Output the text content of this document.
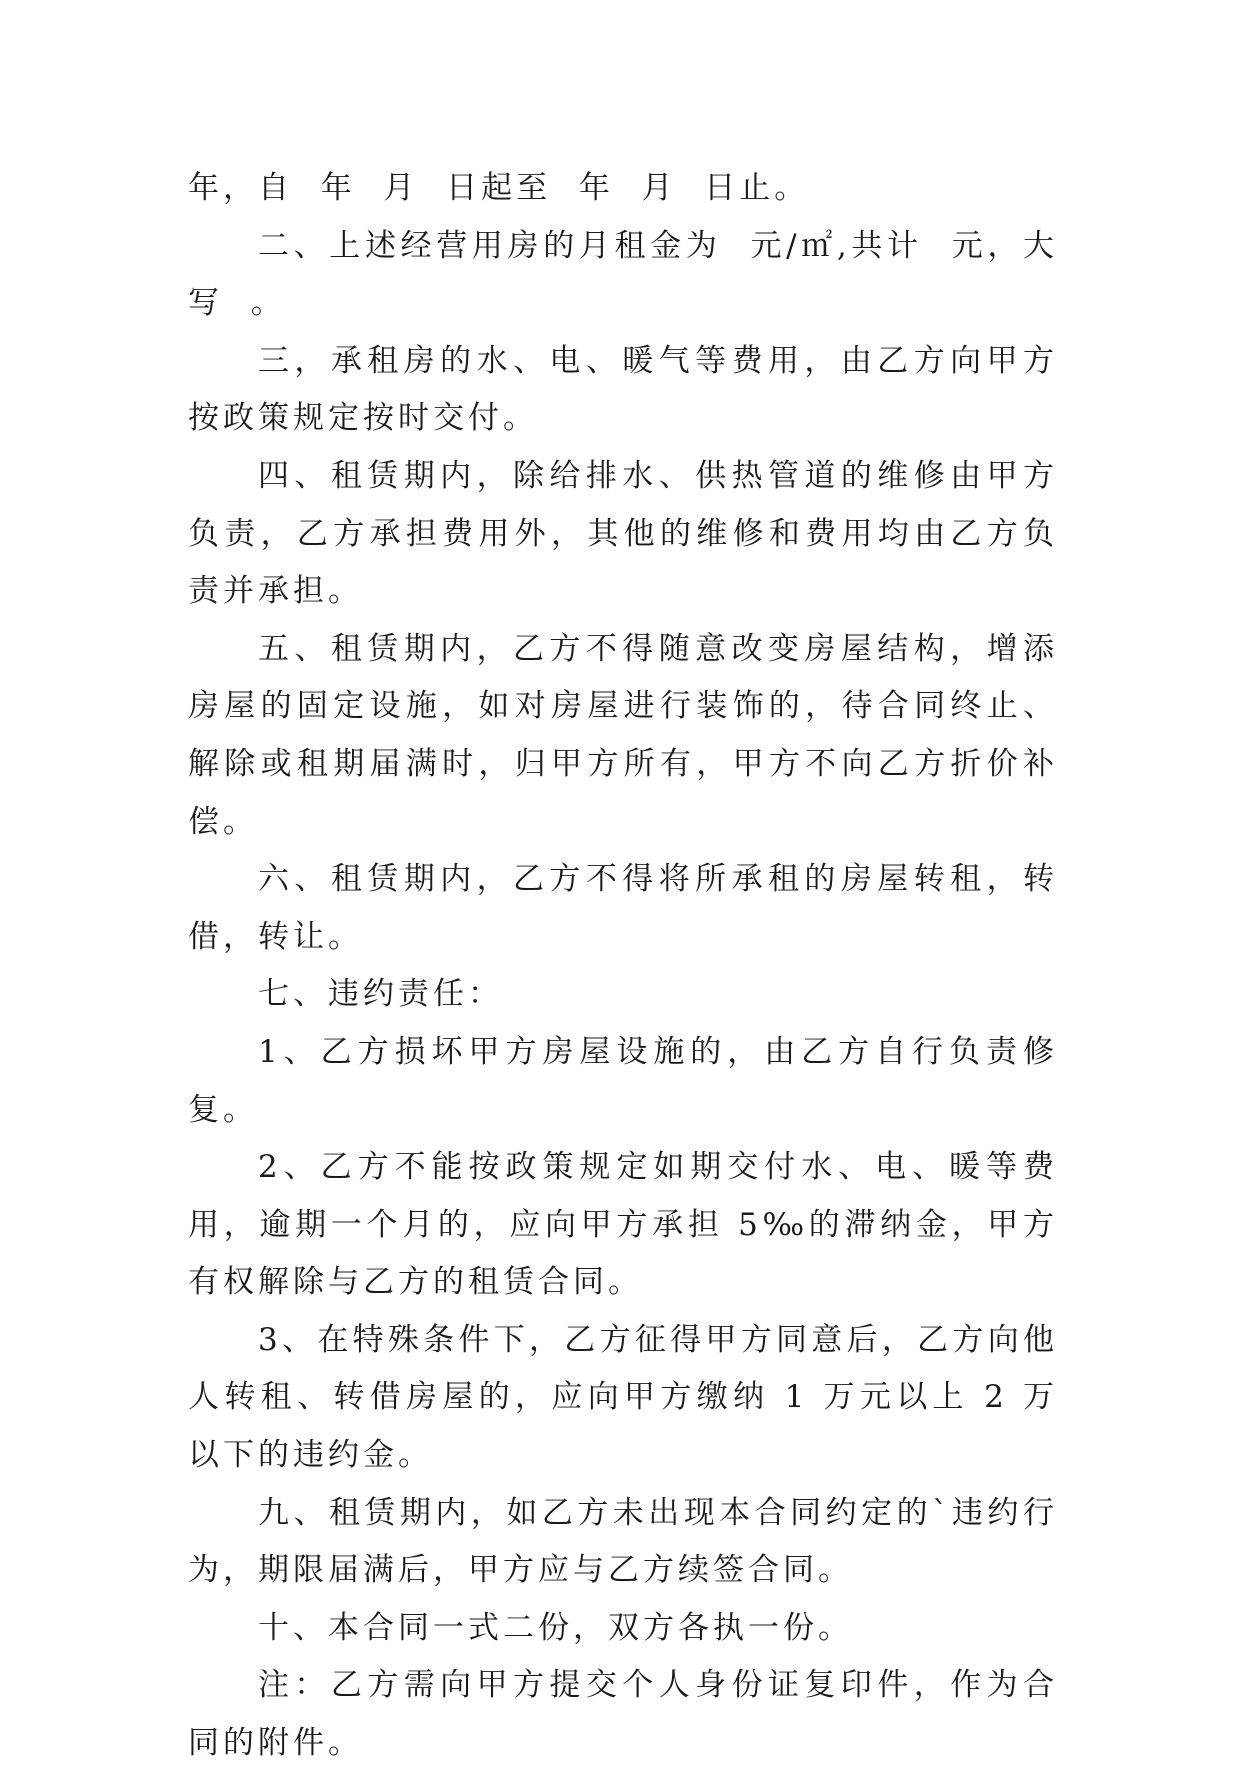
年，自  年  月  日起至  年  月  日止。

二、上述经营用房的月租金为  元/㎡,共计  元，大写  。

三，承租房的水、电、暖气等费用，由乙方向甲方按政策规定按时交付。

四、租赁期内，除给排水、供热管道的维修由甲方负责，乙方承担费用外，其他的维修和费用均由乙方负责并承担。

五、租赁期内，乙方不得随意改变房屋结构，增添房屋的固定设施，如对房屋进行装饰的，待合同终止、解除或租期届满时，归甲方所有，甲方不向乙方折价补偿。

六、租赁期内，乙方不得将所承租的房屋转租，转借，转让。

七、违约责任：

1、乙方损坏甲方房屋设施的，由乙方自行负责修复。

2、乙方不能按政策规定如期交付水、电、暖等费用，逾期一个月的，应向甲方承担 5‰的滞纳金，甲方有权解除与乙方的租赁合同。

3、在特殊条件下，乙方征得甲方同意后，乙方向他人转租、转借房屋的，应向甲方缴纳 1 万元以上 2 万以下的违约金。

九、租赁期内，如乙方未出现本合同约定的`违约行为，期限届满后，甲方应与乙方续签合同。

十、本合同一式二份，双方各执一份。

注：乙方需向甲方提交个人身份证复印件，作为合同的附件。
